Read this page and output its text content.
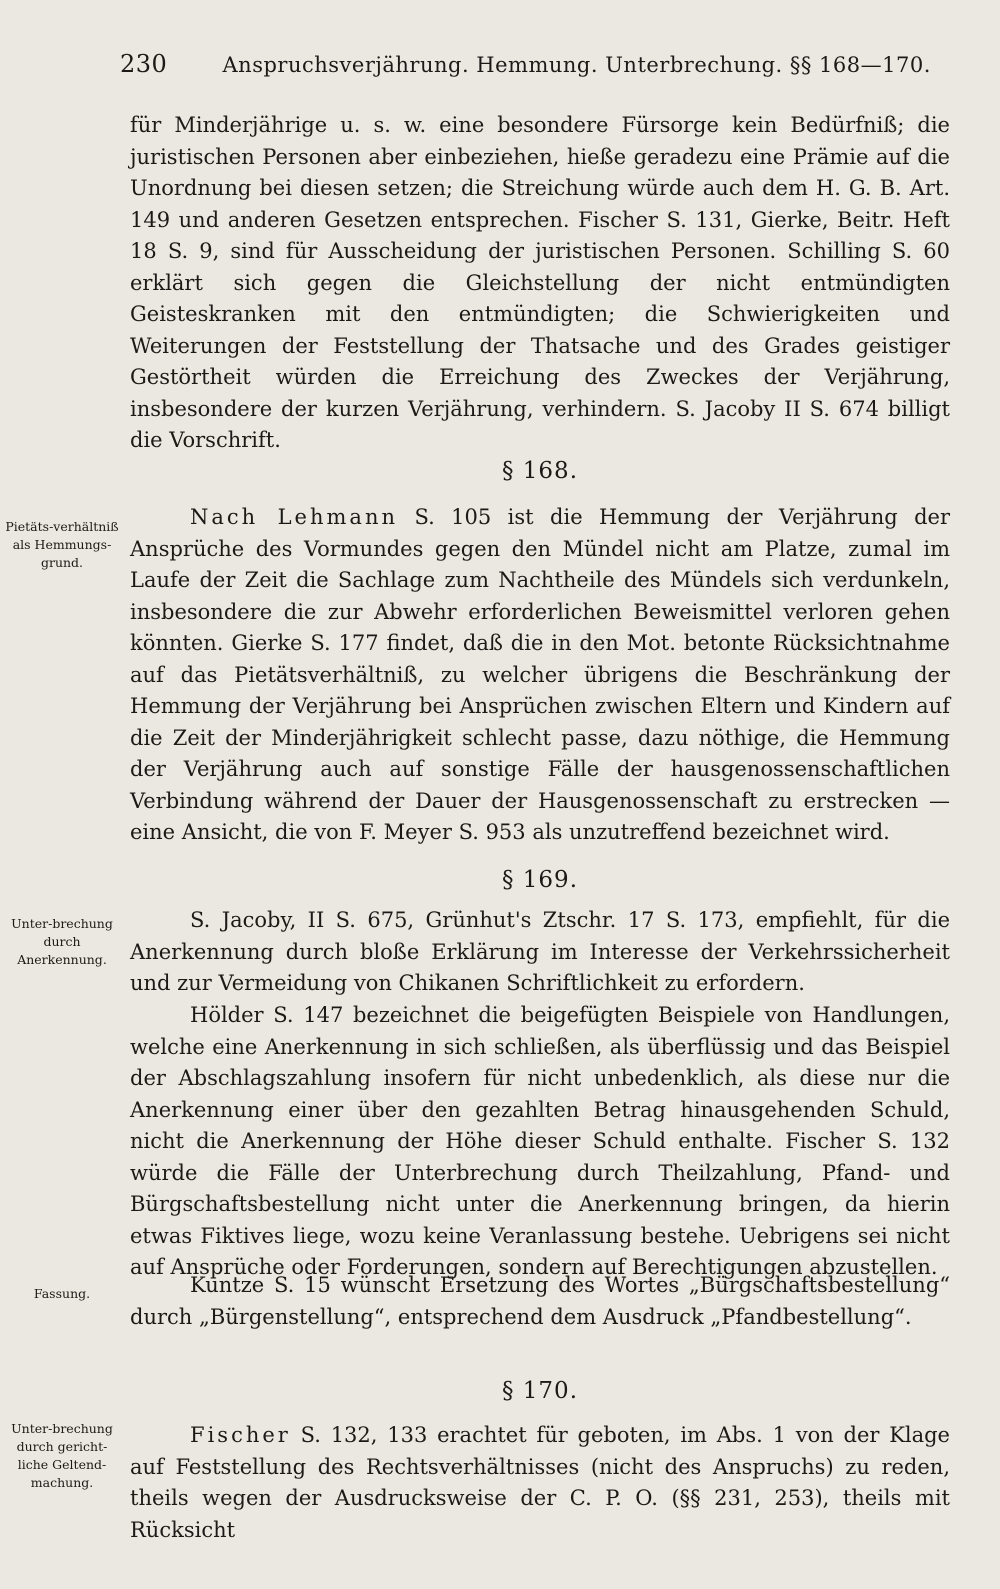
230	Anspruchsverjährung. Hemmung. Unterbrechung. §§ 168—170.

für Minderjährige u. s. w. eine besondere Fürsorge kein Bedürfniß; die juristischen Personen aber einbeziehen, hieße geradezu eine Prämie auf die Unordnung bei diesen setzen; die Streichung würde auch dem H. G. B. Art. 149 und anderen Gesetzen entsprechen. Fischer S. 131, Gierke, Beitr. Heft 18 S. 9, sind für Ausscheidung der juristischen Personen. Schilling S. 60 erklärt sich gegen die Gleichstellung der nicht entmündigten Geisteskranken mit den entmündigten; die Schwierigkeiten und Weiterungen der Feststellung der Thatsache und des Grades geistiger Gestörtheit würden die Erreichung des Zweckes der Verjährung, insbesondere der kurzen Verjährung, verhindern. S. Jacoby II S. 674 billigt die Vorschrift.

§ 168.
Pietäts-verhältniß als Hemmungs-grund.

Nach Lehmann S. 105 ist die Hemmung der Verjährung der Ansprüche des Vormundes gegen den Mündel nicht am Platze, zumal im Laufe der Zeit die Sachlage zum Nachtheile des Mündels sich verdunkeln, insbesondere die zur Abwehr erforderlichen Beweismittel verloren gehen könnten. Gierke S. 177 findet, daß die in den Mot. betonte Rücksichtnahme auf das Pietätsverhältniß, zu welcher übrigens die Beschränkung der Hemmung der Verjährung bei Ansprüchen zwischen Eltern und Kindern auf die Zeit der Minderjährigkeit schlecht passe, dazu nöthige, die Hemmung der Verjährung auch auf sonstige Fälle der hausgenossenschaftlichen Verbindung während der Dauer der Hausgenossenschaft zu erstrecken — eine Ansicht, die von F. Meyer S. 953 als unzutreffend bezeichnet wird.

§ 169.
Unter-brechung durch Anerkennung.

S. Jacoby, II S. 675, Grünhut's Ztschr. 17 S. 173, empfiehlt, für die Anerkennung durch bloße Erklärung im Interesse der Verkehrssicherheit und zur Vermeidung von Chikanen Schriftlichkeit zu erfordern.

Hölder S. 147 bezeichnet die beigefügten Beispiele von Handlungen, welche eine Anerkennung in sich schließen, als überflüssig und das Beispiel der Abschlagszahlung insofern für nicht unbedenklich, als diese nur die Anerkennung einer über den gezahlten Betrag hinausgehenden Schuld, nicht die Anerkennung der Höhe dieser Schuld enthalte. Fischer S. 132 würde die Fälle der Unterbrechung durch Theilzahlung, Pfand- und Bürgschaftsbestellung nicht unter die Anerkennung bringen, da hierin etwas Fiktives liege, wozu keine Veranlassung bestehe. Uebrigens sei nicht auf Ansprüche oder Forderungen, sondern auf Berechtigungen abzustellen.

Fassung.	Kuntze S. 15 wünscht Ersetzung des Wortes „Bürgschaftsbestellung“ durch „Bürgenstellung“, entsprechend dem Ausdruck „Pfandbestellung“.

§ 170.
Unter-brechung durch gericht-liche Geltend-machung.

Fischer S. 132, 133 erachtet für geboten, im Abs. 1 von der Klage auf Feststellung des Rechtsverhältnisses (nicht des Anspruchs) zu reden, theils wegen der Ausdrucksweise der C. P. O. (§§ 231, 253), theils mit Rücksicht
